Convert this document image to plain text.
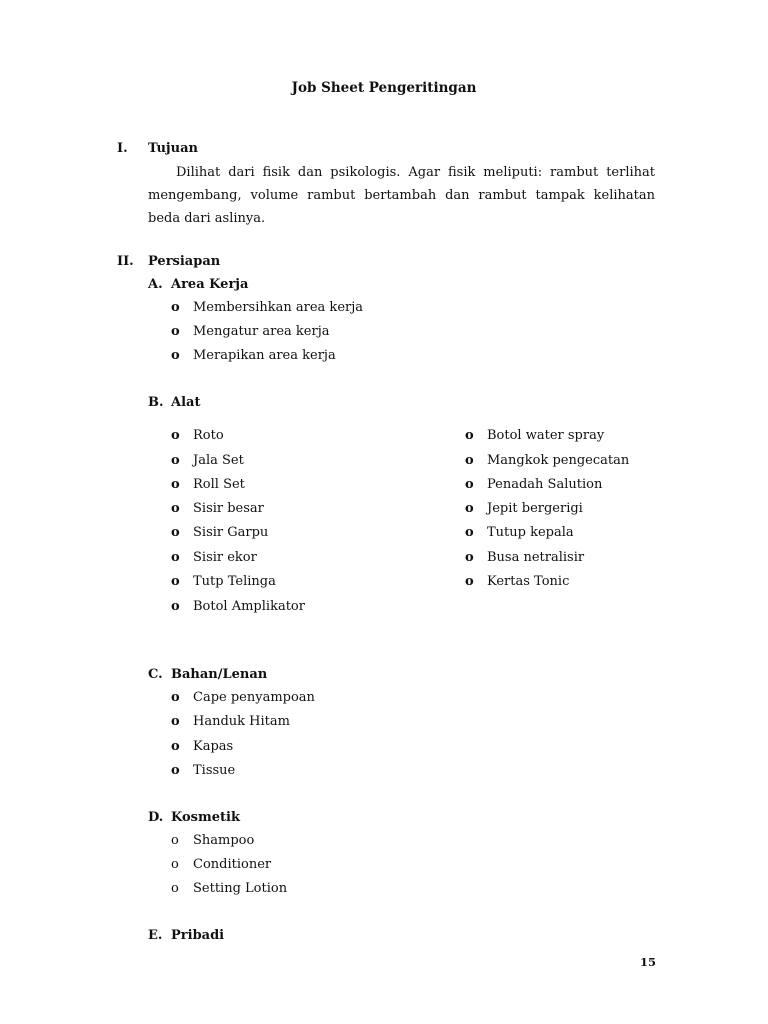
Job Sheet Pengeritingan
I. Tujuan
Dilihat dari fisik dan psikologis. Agar fisik meliputi: rambut terlihat mengembang, volume rambut bertambah dan rambut tampak kelihatan beda dari aslinya.
II. Persiapan
A. Area Kerja
o Membersihkan area kerja
o Mengatur area kerja
o Merapikan area kerja
B. Alat
o Roto
o Jala Set
o Roll Set
o Sisir besar
o Sisir Garpu
o Sisir ekor
o Tutp Telinga
o Botol Amplikator
o Botol water spray
o Mangkok pengecatan
o Penadah Salution
o Jepit bergerigi
o Tutup kepala
o Busa netralisir
o Kertas Tonic
C. Bahan/Lenan
o Cape penyampoan
o Handuk Hitam
o Kapas
o Tissue
D. Kosmetik
o Shampoo
o Conditioner
o Setting Lotion
E. Pribadi
15
